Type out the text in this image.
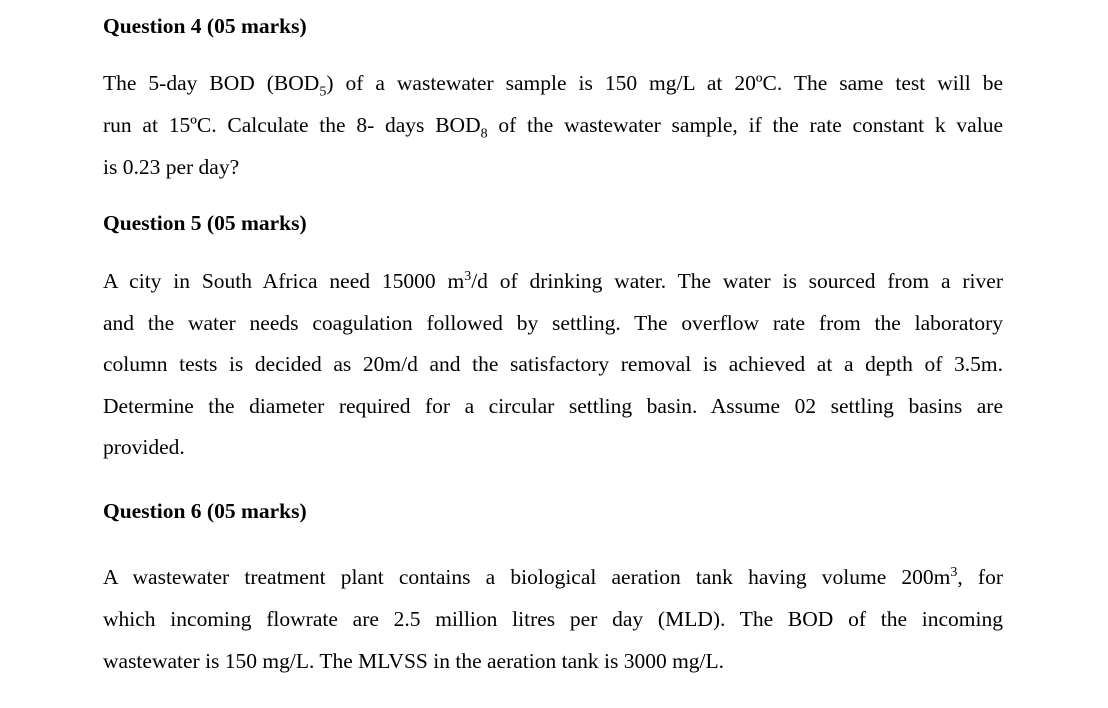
Question 4 (05 marks)
The 5-day BOD $(BOD_5)$ of a wastewater sample is 150 mg/L at 20ºC. The same test will be
run at 15ºC. Calculate the 8- days $BOD_8$ of the wastewater sample, if the rate constant k value
is 0.23 per day?
Question 5 (05 marks)
A city in South Africa need 15000 $m^3/d$ of drinking water. The water is sourced from a river
and the water needs coagulation followed by settling. The overflow rate from the laboratory
column tests is decided as 20m/d and the satisfactory removal is achieved at a depth of 3.5m.
Determine the diameter required for a circular settling basin. Assume 02 settling basins are
provided.
Question 6 (05 marks)
A wastewater treatment plant contains a biological aeration tank having volume $200m^3$, for
which incoming flowrate are 2.5 million litres per day (MLD). The BOD of the incoming
wastewater is 150 mg/L. The MLVSS in the aeration tank is 3000 mg/L.
